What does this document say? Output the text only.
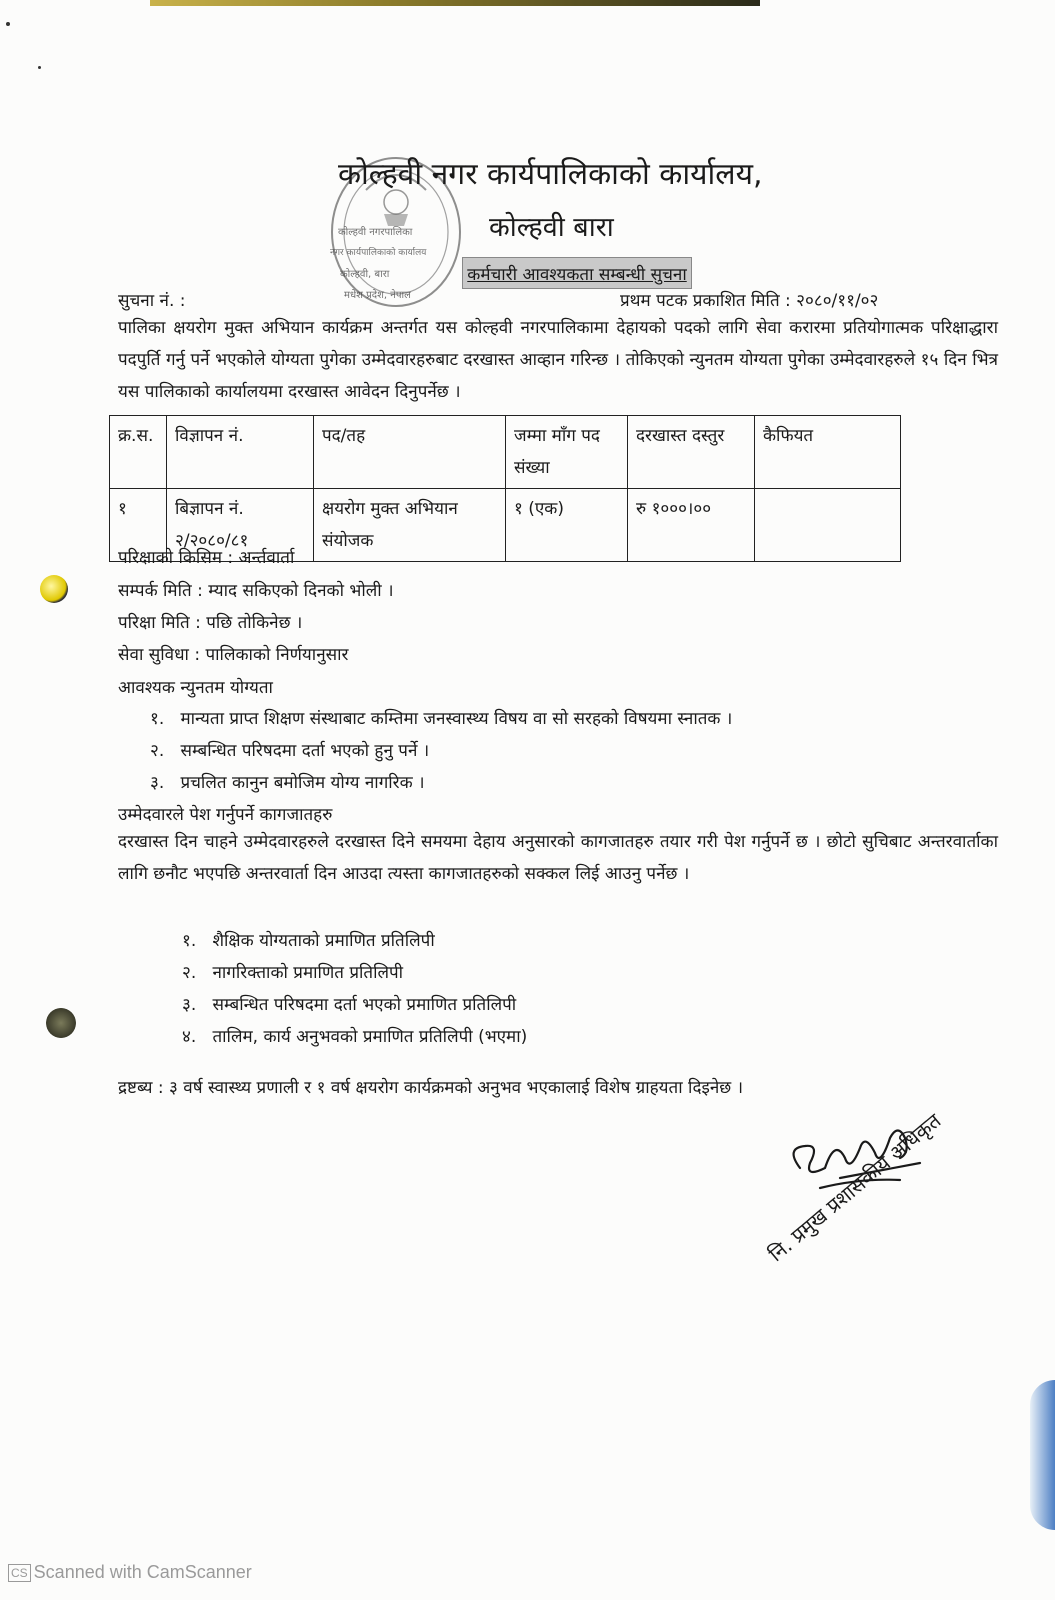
कोल्हवी नगरपालिका
नगर कार्यपालिकाको कार्यालय
कोल्हवी, बारा
मधेश प्रदेश, नेपाल
कोल्हवी नगर कार्यपालिकाको कार्यालय,
कोल्हवी बारा
कर्मचारी आवश्यकता सम्बन्धी सुचना
सुचना नं. :	प्रथम पटक प्रकाशित मिति : २०८०/११/०२
पालिका क्षयरोग मुक्त अभियान कार्यक्रम अन्तर्गत यस कोल्हवी नगरपालिकामा देहायको पदको लागि सेवा करारमा प्रतियोगात्मक परिक्षाद्धारा पदपुर्ति गर्नु पर्ने भएकोले योग्यता पुगेका उम्मेदवारहरुबाट दरखास्त आव्हान गरिन्छ । तोकिएको न्युनतम योग्यता पुगेका उम्मेदवारहरुले १५ दिन भित्र यस पालिकाको कार्यालयमा दरखास्त आवेदन दिनुपर्नेछ ।
क्र.स.	विज्ञापन नं.	पद/तह	जम्मा माँग पद संख्या	दरखास्त दस्तुर	कैफियत
१	बिज्ञापन नं. २/२०८०/८१	क्षयरोग मुक्त अभियान संयोजक	१ (एक)	रु १०००।००	
परिक्षाको किसिम : अर्न्तवार्ता
सम्पर्क मिति : म्याद सकिएको दिनको भोली ।
परिक्षा मिति : पछि तोकिनेछ ।
सेवा सुविधा : पालिकाको निर्णयानुसार
आवश्यक न्युनतम योग्यता
१. मान्यता प्राप्त शिक्षण संस्थाबाट कम्तिमा जनस्वास्थ्य विषय वा सो सरहको विषयमा स्नातक ।
२. सम्बन्धित परिषदमा दर्ता भएको हुनु पर्ने ।
३. प्रचलित कानुन बमोजिम योग्य नागरिक ।
उम्मेदवारले पेश गर्नुपर्ने कागजातहरु
दरखास्त दिन चाहने उम्मेदवारहरुले दरखास्त दिने समयमा देहाय अनुसारको कागजातहरु तयार गरी पेश गर्नुपर्ने छ । छोटो सुचिबाट अन्तरवार्ताका लागि छनौट भएपछि अन्तरवार्ता दिन आउदा त्यस्ता कागजातहरुको सक्कल लिई आउनु पर्नेछ ।
१. शैक्षिक योग्यताको प्रमाणित प्रतिलिपी
२. नागरिक्ताको प्रमाणित प्रतिलिपी
३. सम्बन्धित परिषदमा दर्ता भएको प्रमाणित प्रतिलिपी
४. तालिम, कार्य अनुभवको प्रमाणित प्रतिलिपी (भएमा)
द्रष्टब्य : ३ वर्ष स्वास्थ्य प्रणाली र १ वर्ष क्षयरोग कार्यक्रमको अनुभव भएकालाई विशेष ग्राहयता दिइनेछ ।
नि. प्रमुख प्रशासकीय अधिकृत
CS Scanned with CamScanner
